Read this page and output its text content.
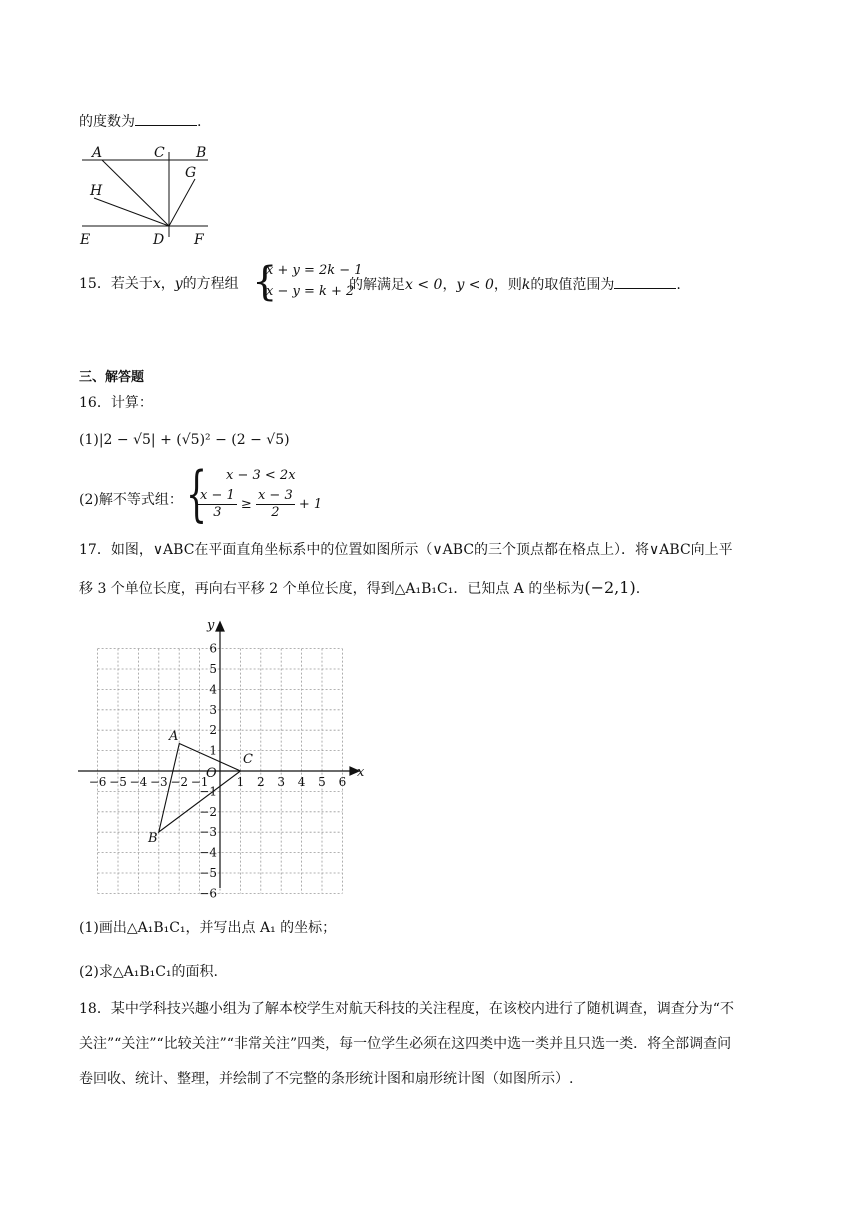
的度数为	.
A	C B
H
G
E	D F
15．若关于x，y的方程组 {
x + y = 2k − 1
x − y = k + 2
的解满足x < 0，y < 0，则k的取值范围为	.
三、解答题
16．计算：
(1)|2 − √5| + (√5)² − (2 − √5)
(2)解不等式组： { x − 3 < 2x
$\frac{x - 1}{3} \ge \frac{x - 3}{2} + 1$
17．如图，∨ABC在平面直角坐标系中的位置如图所示（∨ABC的三个顶点都在格点上）．将∨ABC向上平
移 3 个单位长度，再向右平移 2 个单位长度，得到△A₁B₁C₁．已知点 A 的坐标为(−2,1).
−6 −5 −4 −3 −2 −1 1 2 3 4 5 6
6
5
4
3
2
1
−1
−2
−3
−4
−5
−6
x
y
O
A
B
C
(1)画出△A₁B₁C₁，并写出点 A₁ 的坐标；
(2)求△A₁B₁C₁的面积.
18．某中学科技兴趣小组为了解本校学生对航天科技的关注程度，在该校内进行了随机调查，调查分为“不
关注”“关注”“比较关注”“非常关注”四类，每一位学生必须在这四类中选一类并且只选一类．将全部调查问
卷回收、统计、整理，并绘制了不完整的条形统计图和扇形统计图（如图所示）.
